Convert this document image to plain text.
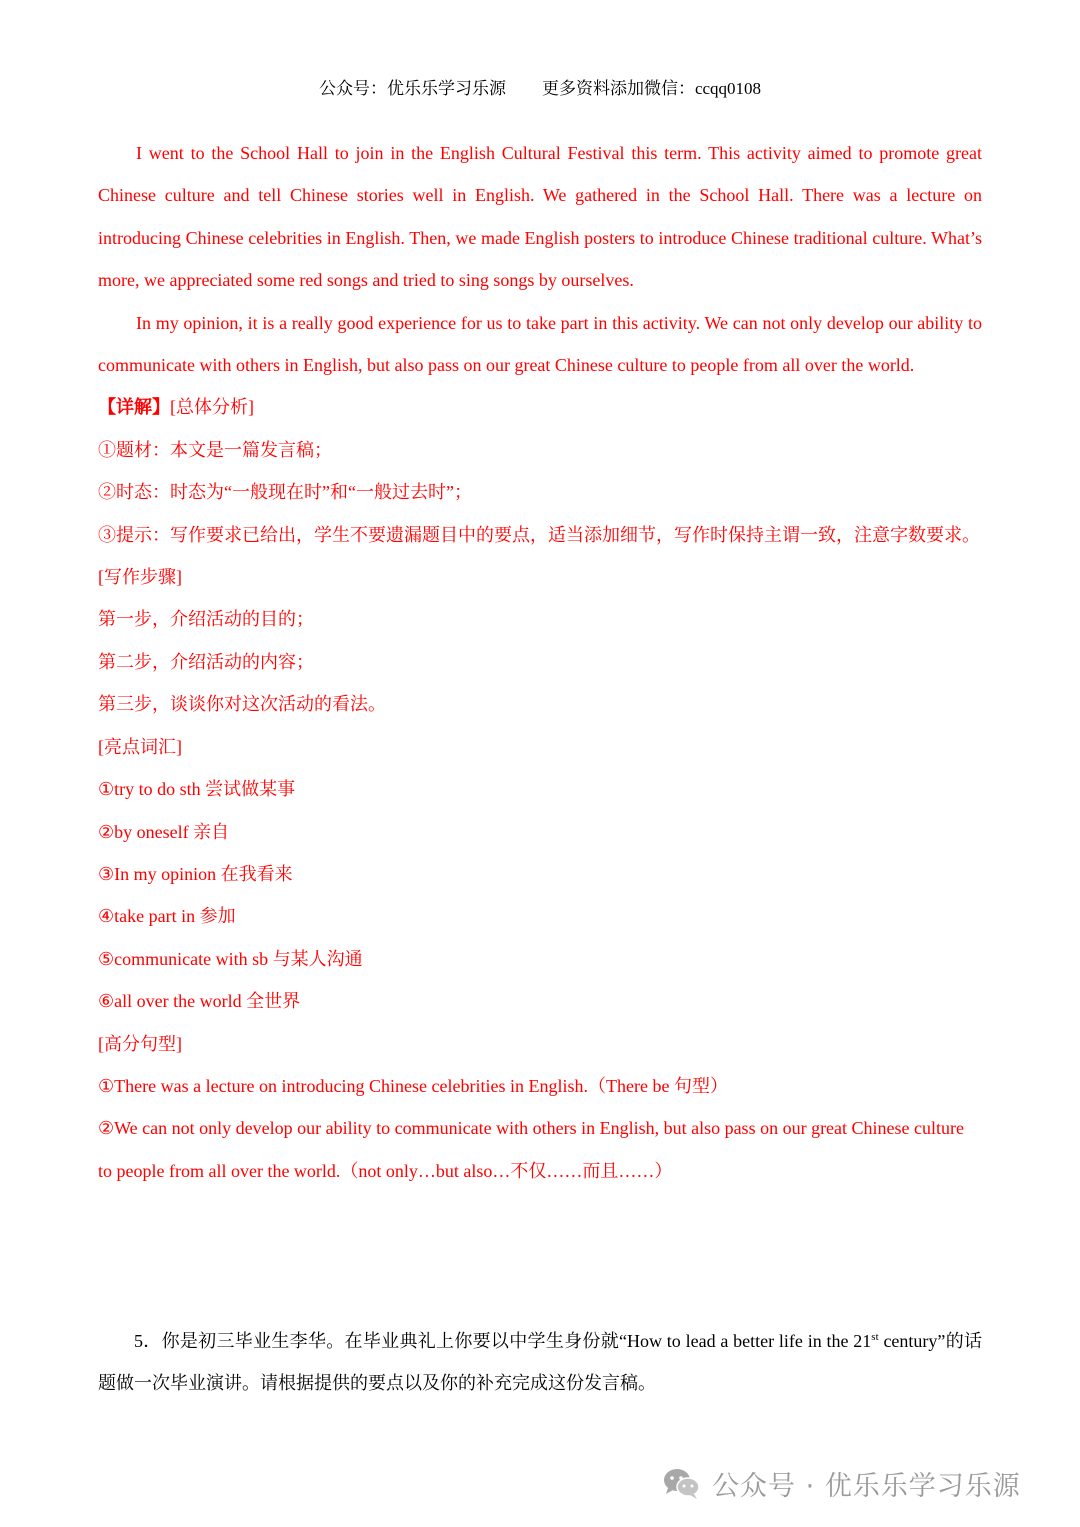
公众号：优乐乐学习乐源 更多资料添加微信：ccqq0108

I went to the School Hall to join in the English Cultural Festival this term. This activity aimed to promote great Chinese culture and tell Chinese stories well in English. We gathered in the School Hall. There was a lecture on introducing Chinese celebrities in English. Then, we made English posters to introduce Chinese traditional culture. What’s more, we appreciated some red songs and tried to sing songs by ourselves.

In my opinion, it is a really good experience for us to take part in this activity. We can not only develop our ability to communicate with others in English, but also pass on our great Chinese culture to people from all over the world.

【详解】[总体分析]

①题材：本文是一篇发言稿；

②时态：时态为“一般现在时”和“一般过去时”；

③提示：写作要求已给出，学生不要遗漏题目中的要点，适当添加细节，写作时保持主谓一致，注意字数要求。

[写作步骤]

第一步，介绍活动的目的；

第二步，介绍活动的内容；

第三步，谈谈你对这次活动的看法。

[亮点词汇]

①try to do sth 尝试做某事

②by oneself 亲自

③In my opinion 在我看来

④take part in 参加

⑤communicate with sb 与某人沟通

⑥all over the world 全世界

[高分句型]

①There was a lecture on introducing Chinese celebrities in English.（There be 句型）

②We can not only develop our ability to communicate with others in English, but also pass on our great Chinese culture to people from all over the world.（not only…but also…不仅……而且……）

5．你是初三毕业生李华。在毕业典礼上你要以中学生身份就“How to lead a better life in the 21st century”的话题做一次毕业演讲。请根据提供的要点以及你的补充完成这份发言稿。

公众号 · 优乐乐学习乐源
